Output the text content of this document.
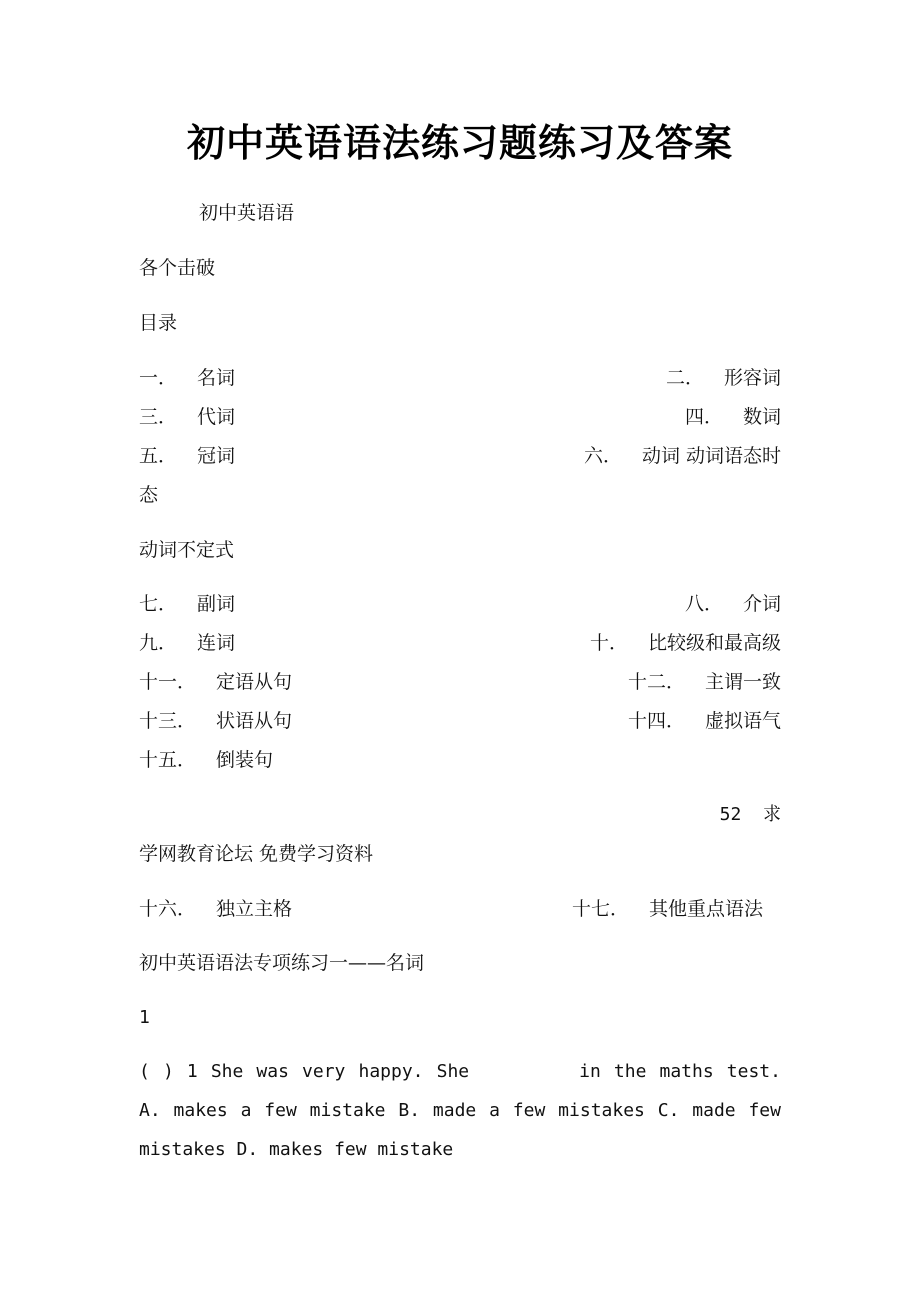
初中英语语法练习题练习及答案
初中英语语
各个击破
目录
一． 名词	二． 形容词
三． 代词	四． 数词
五． 冠词	六． 动词 动词语态时
态
动词不定式
七． 副词	八． 介词
九． 连词	十． 比较级和最高级
十一． 定语从句	十二． 主谓一致
十三． 状语从句	十四． 虚拟语气
十五． 倒装句
52  求
学网教育论坛 免费学习资料
十六． 独立主格	十七． 其他重点语法
初中英语语法专项练习一——名词
1
( ) 1 She was very happy. She	in the maths test. A. makes a few mistake B. made a few mistakes C. made few mistakes D. makes few mistake
